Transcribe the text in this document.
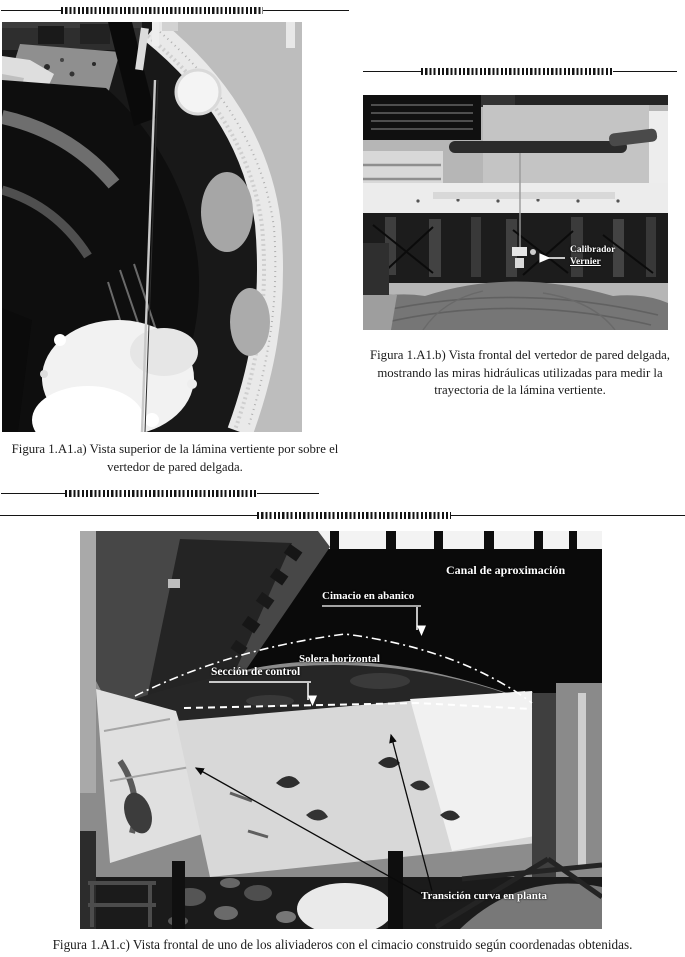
Calibrador
Vernier
Figura 1.A1.b) Vista frontal del vertedor de pared delgada, mostrando las miras hidráulicas utilizadas para medir la trayectoria de la lámina vertiente.
Figura 1.A1.a) Vista superior de la lámina vertiente por sobre el vertedor de pared delgada.
Canal de aproximación
Cimacio en abanico
Solera horizontal
Sección de control
Transición curva en planta
Figura 1.A1.c) Vista frontal de uno de los aliviaderos con el cimacio construido según coordenadas obtenidas.
